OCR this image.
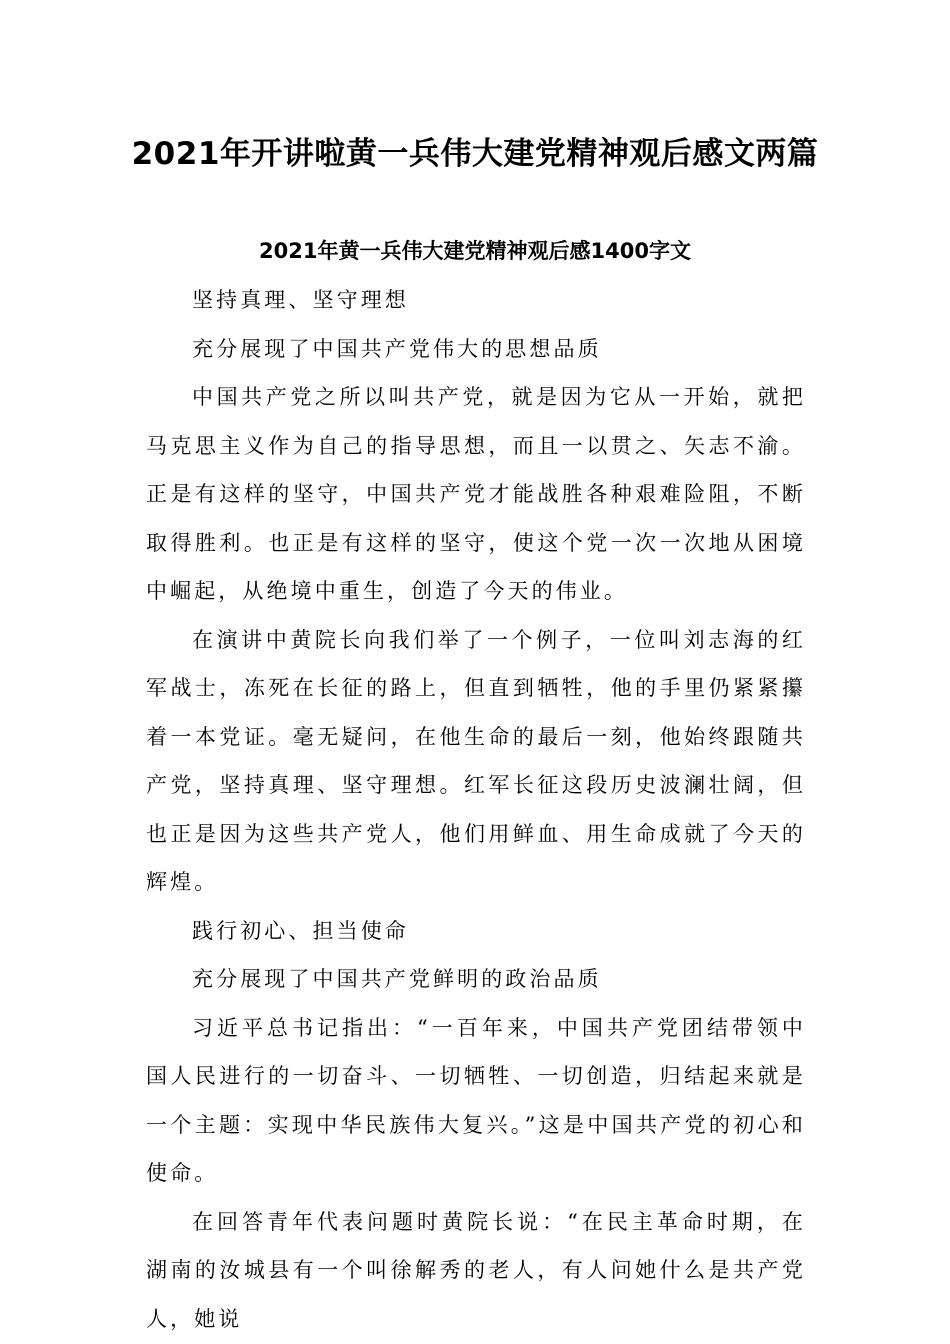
2021年开讲啦黄一兵伟大建党精神观后感文两篇
2021年黄一兵伟大建党精神观后感1400字文

坚持真理、坚守理想

充分展现了中国共产党伟大的思想品质

中国共产党之所以叫共产党，就是因为它从一开始，就把马克思主义作为自己的指导思想，而且一以贯之、矢志不渝。正是有这样的坚守，中国共产党才能战胜各种艰难险阻，不断取得胜利。也正是有这样的坚守，使这个党一次一次地从困境中崛起，从绝境中重生，创造了今天的伟业。

在演讲中黄院长向我们举了一个例子，一位叫刘志海的红军战士，冻死在长征的路上，但直到牺牲，他的手里仍紧紧攥着一本党证。毫无疑问，在他生命的最后一刻，他始终跟随共产党，坚持真理、坚守理想。红军长征这段历史波澜壮阔，但也正是因为这些共产党人，他们用鲜血、用生命成就了今天的辉煌。

践行初心、担当使命

充分展现了中国共产党鲜明的政治品质

习近平总书记指出：“一百年来，中国共产党团结带领中国人民进行的一切奋斗、一切牺牲、一切创造，归结起来就是一个主题：实现中华民族伟大复兴。”这是中国共产党的初心和使命。

在回答青年代表问题时黄院长说：“在民主革命时期，在湖南的汝城县有一个叫徐解秀的老人，有人问她什么是共产党人，她说
